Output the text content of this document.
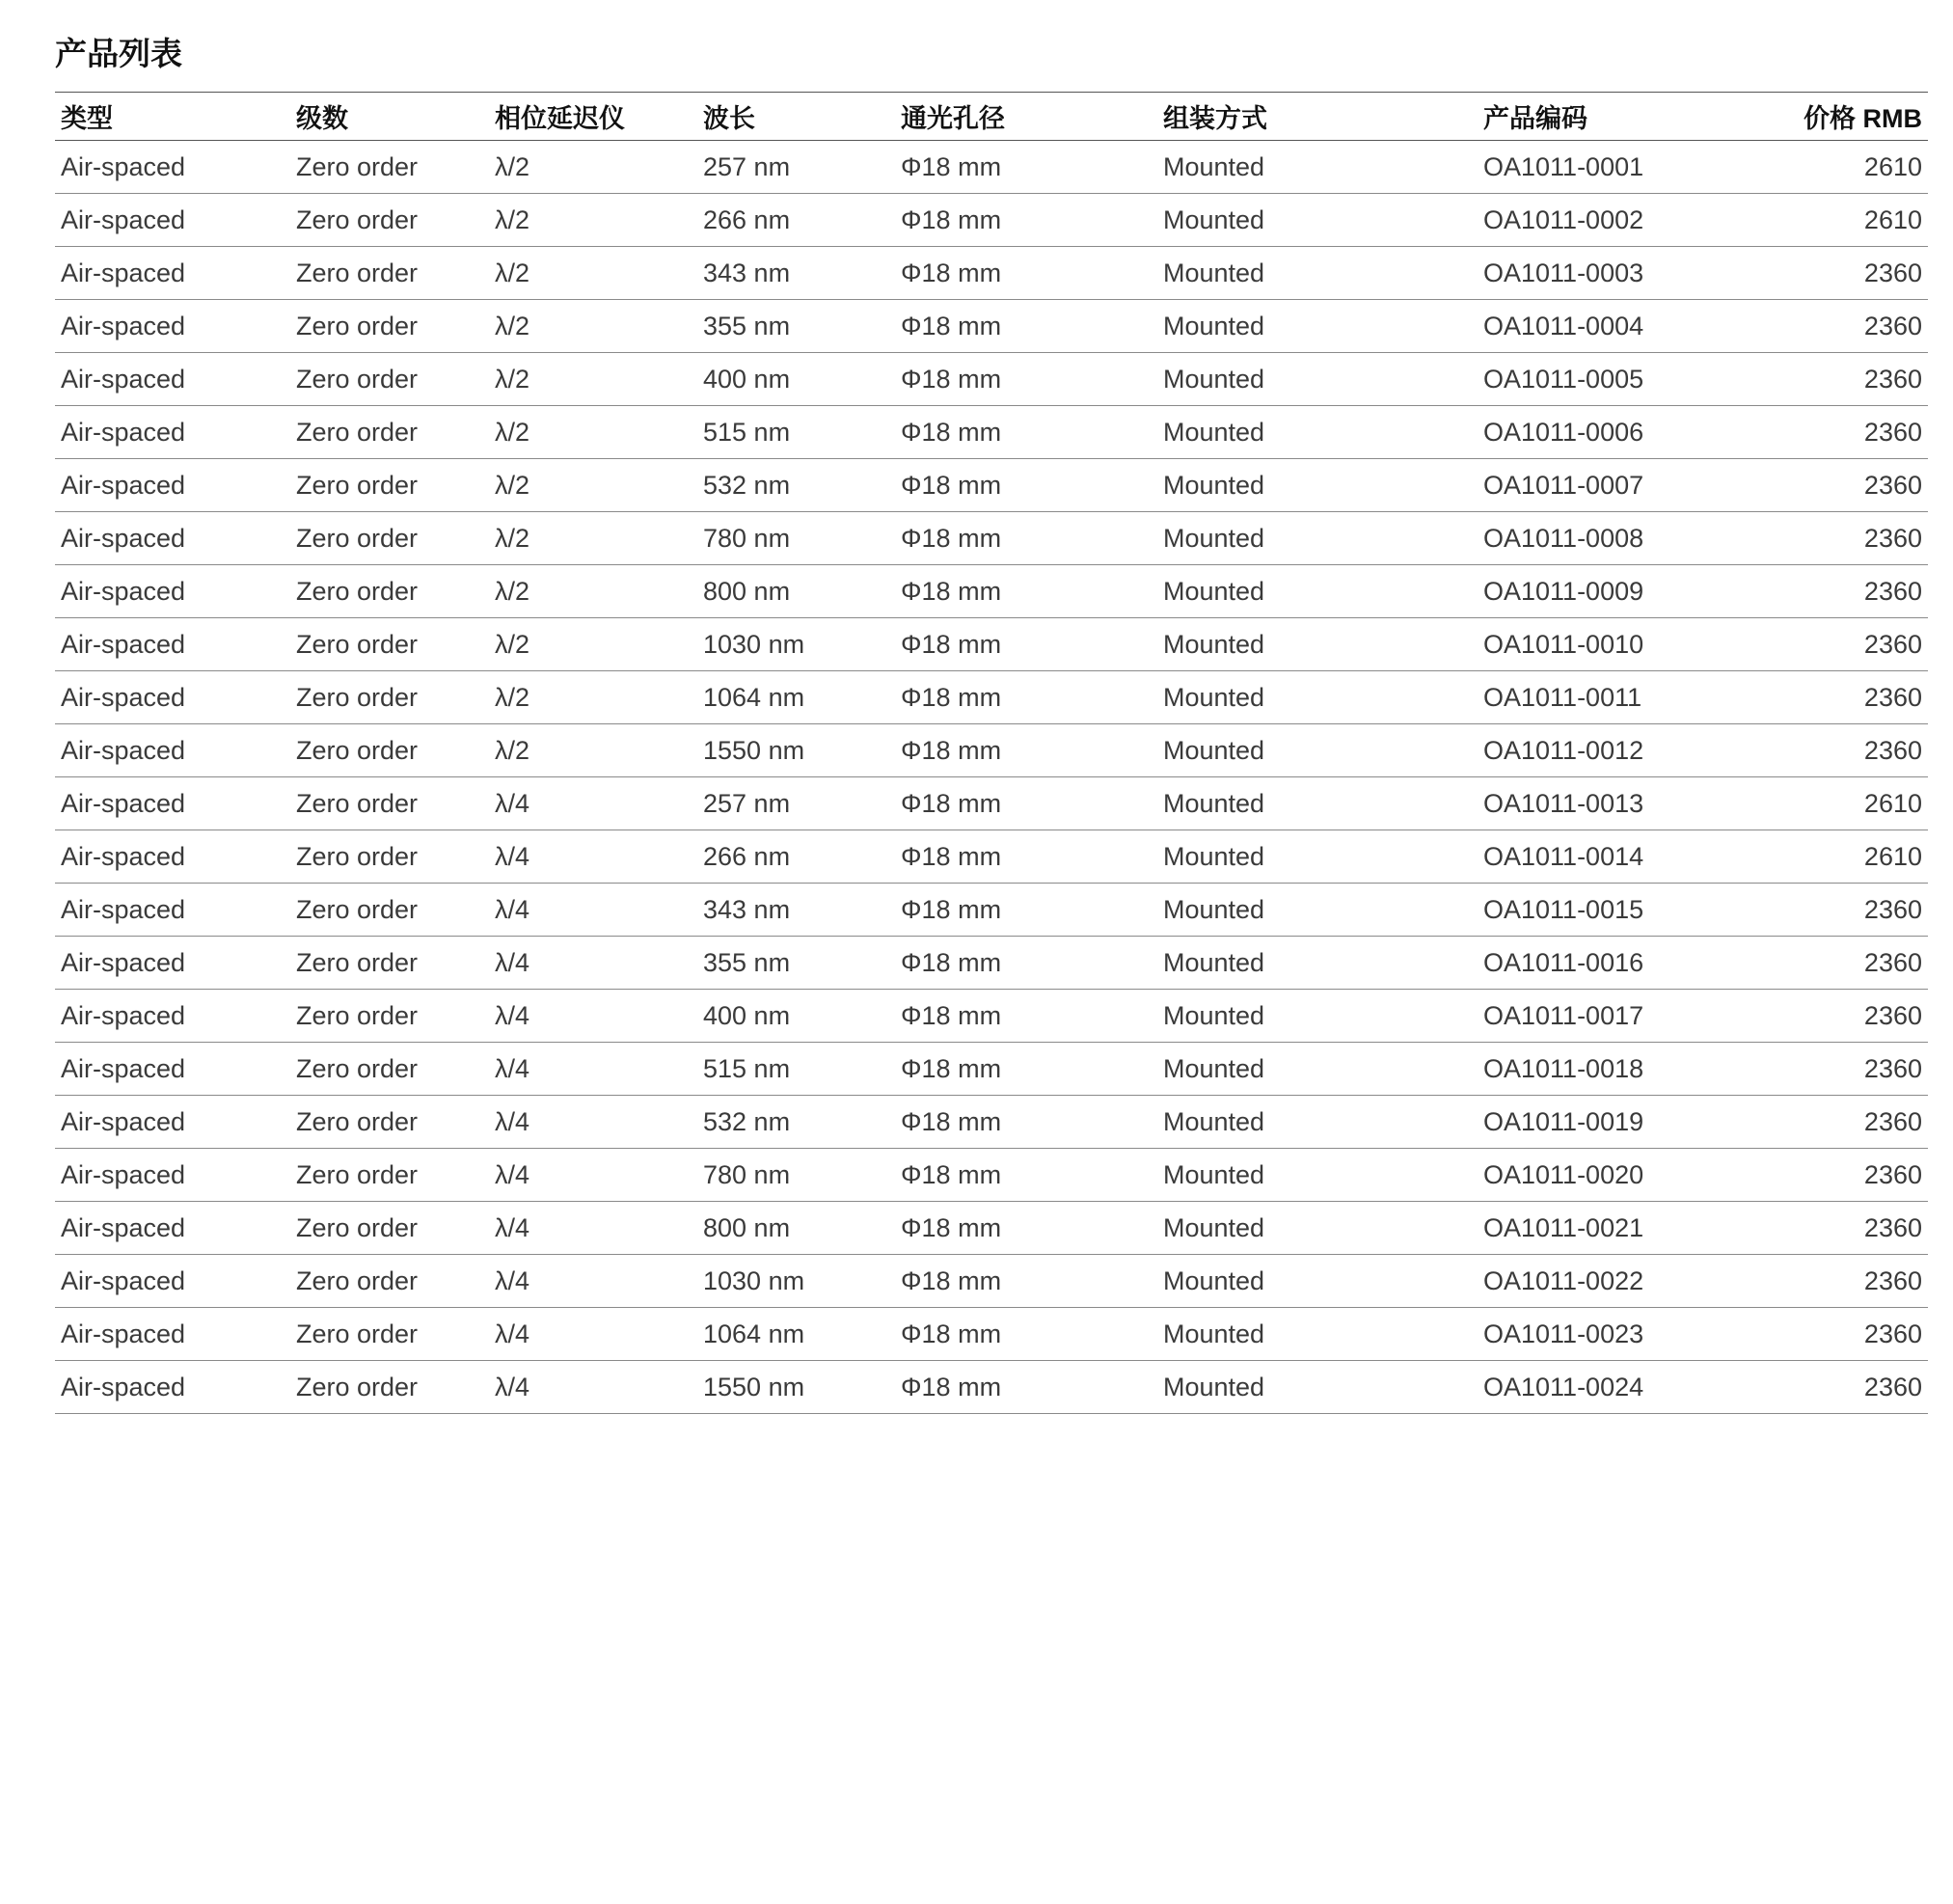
产品列表
类型	级数	相位延迟仪	波长	通光孔径	组装方式	产品编码	价格 RMB
Air-spaced	Zero order	λ/2	257 nm	Φ18 mm	Mounted	OA1011-0001	2610
Air-spaced	Zero order	λ/2	266 nm	Φ18 mm	Mounted	OA1011-0002	2610
Air-spaced	Zero order	λ/2	343 nm	Φ18 mm	Mounted	OA1011-0003	2360
Air-spaced	Zero order	λ/2	355 nm	Φ18 mm	Mounted	OA1011-0004	2360
Air-spaced	Zero order	λ/2	400 nm	Φ18 mm	Mounted	OA1011-0005	2360
Air-spaced	Zero order	λ/2	515 nm	Φ18 mm	Mounted	OA1011-0006	2360
Air-spaced	Zero order	λ/2	532 nm	Φ18 mm	Mounted	OA1011-0007	2360
Air-spaced	Zero order	λ/2	780 nm	Φ18 mm	Mounted	OA1011-0008	2360
Air-spaced	Zero order	λ/2	800 nm	Φ18 mm	Mounted	OA1011-0009	2360
Air-spaced	Zero order	λ/2	1030 nm	Φ18 mm	Mounted	OA1011-0010	2360
Air-spaced	Zero order	λ/2	1064 nm	Φ18 mm	Mounted	OA1011-0011	2360
Air-spaced	Zero order	λ/2	1550 nm	Φ18 mm	Mounted	OA1011-0012	2360
Air-spaced	Zero order	λ/4	257 nm	Φ18 mm	Mounted	OA1011-0013	2610
Air-spaced	Zero order	λ/4	266 nm	Φ18 mm	Mounted	OA1011-0014	2610
Air-spaced	Zero order	λ/4	343 nm	Φ18 mm	Mounted	OA1011-0015	2360
Air-spaced	Zero order	λ/4	355 nm	Φ18 mm	Mounted	OA1011-0016	2360
Air-spaced	Zero order	λ/4	400 nm	Φ18 mm	Mounted	OA1011-0017	2360
Air-spaced	Zero order	λ/4	515 nm	Φ18 mm	Mounted	OA1011-0018	2360
Air-spaced	Zero order	λ/4	532 nm	Φ18 mm	Mounted	OA1011-0019	2360
Air-spaced	Zero order	λ/4	780 nm	Φ18 mm	Mounted	OA1011-0020	2360
Air-spaced	Zero order	λ/4	800 nm	Φ18 mm	Mounted	OA1011-0021	2360
Air-spaced	Zero order	λ/4	1030 nm	Φ18 mm	Mounted	OA1011-0022	2360
Air-spaced	Zero order	λ/4	1064 nm	Φ18 mm	Mounted	OA1011-0023	2360
Air-spaced	Zero order	λ/4	1550 nm	Φ18 mm	Mounted	OA1011-0024	2360
